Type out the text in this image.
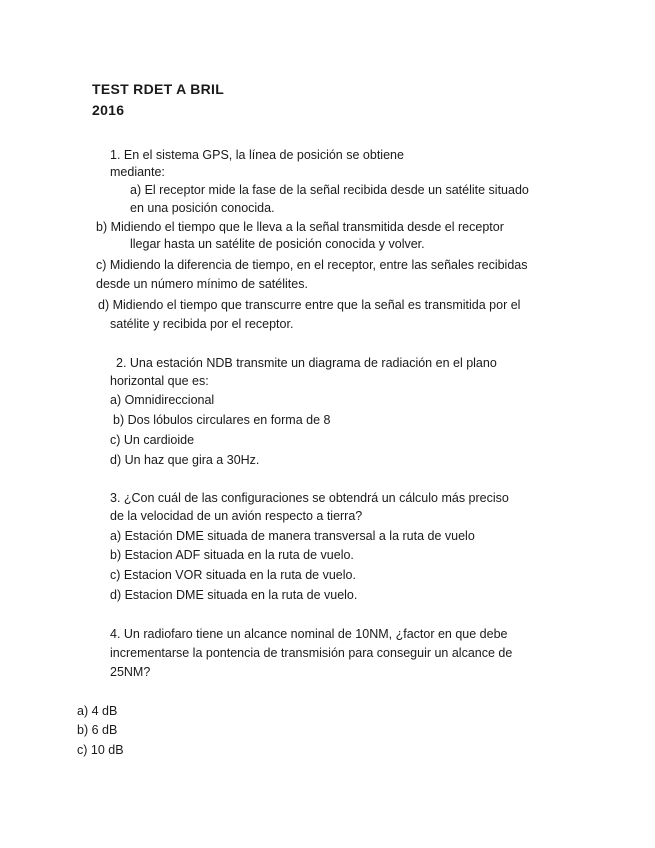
TEST RDET A BRIL
2016
1. En el sistema GPS, la línea de posición se obtiene
mediante:
a) El receptor mide la fase de la señal recibida desde un satélite situado
en una posición conocida.
b) Midiendo el tiempo que le lleva a la señal transmitida desde el receptor
llegar hasta un satélite de posición conocida y volver.
c) Midiendo la diferencia de tiempo, en el receptor, entre las señales recibidas
desde un número mínimo de satélites.
d) Midiendo el tiempo que transcurre entre que la señal es transmitida por el
satélite y recibida por el receptor.
2. Una estación NDB transmite un diagrama de radiación en el plano
horizontal que es:
a) Omnidireccional
b) Dos lóbulos circulares en forma de 8
c) Un cardioide
d) Un haz que gira a 30Hz.
3. ¿Con cuál de las configuraciones se obtendrá un cálculo más preciso
de la velocidad de un avión respecto a tierra?
a) Estación DME situada de manera transversal a la ruta de vuelo
b) Estacion ADF situada en la ruta de vuelo.
c) Estacion VOR situada en la ruta de vuelo.
d) Estacion DME situada en la ruta de vuelo.
4. Un radiofaro tiene un alcance nominal de 10NM, ¿factor en que debe
incrementarse la pontencia de transmisión para conseguir un alcance de
25NM?
a) 4 dB
b) 6 dB
c) 10 dB
